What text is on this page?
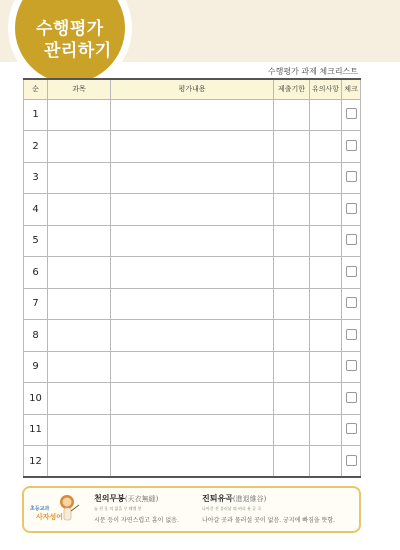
수행평가
관리하기
수행평가 과제 체크리스트
순	과목	평가내용	제출기한	유의사항	체크
1					
2					
3					
4					
5					
6					
7					
8					
9					
10					
11					
12					
초등교과
사자성어
천의무봉(天衣無縫)
늘 천 옷 의 없을 무 꿰맬 봉
시문 등이 자연스럽고 흠이 없음.
진퇴유곡(進退維谷)
나아갈 진 물러날 퇴 벼리 유 골 곡
나아갈 곳과 물러설 곳이 없음. 궁지에 빠짐을 뜻함.
